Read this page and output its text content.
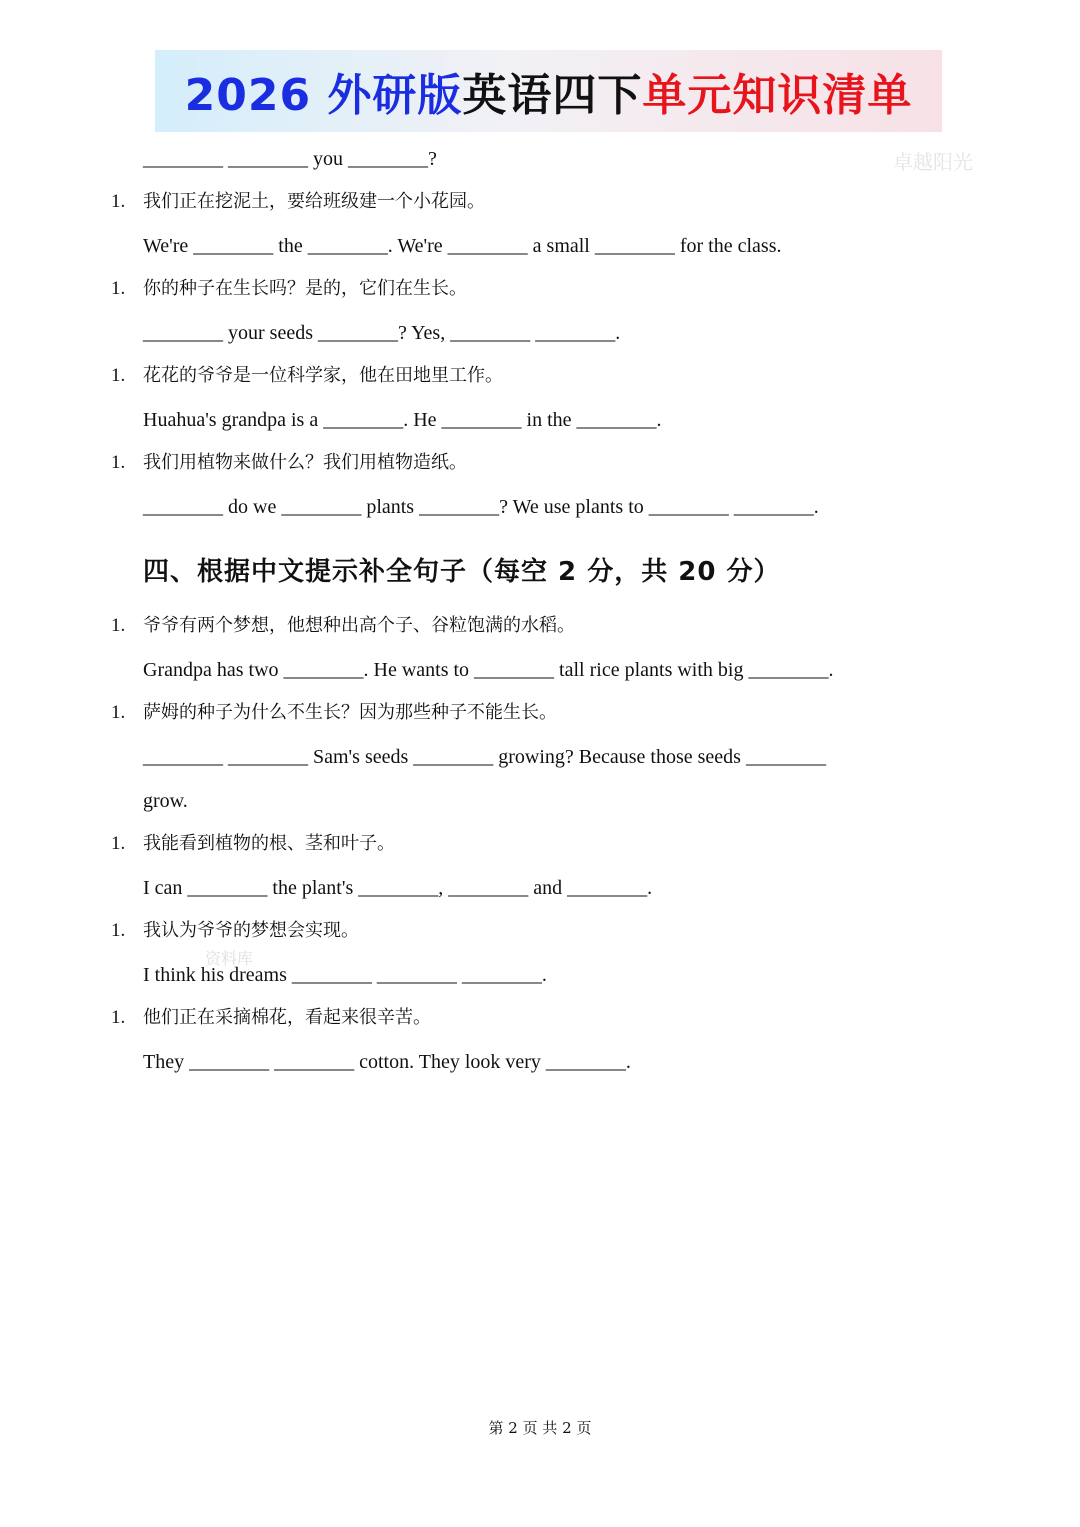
2026 外研版 英语四下 单元知识清单
卓越阳光
________ ________ you ________?
1. 我们正在挖泥土，要给班级建一个小花园。
We're ________ the ________. We're ________ a small ________ for the class.
1. 你的种子在生长吗？是的，它们在生长。
________ your seeds ________? Yes, ________ ________.
1. 花花的爷爷是一位科学家，他在田地里工作。
Huahua's grandpa is a ________. He ________ in the ________.
1. 我们用植物来做什么？我们用植物造纸。
________ do we ________ plants ________? We use plants to ________ ________.
四、根据中文提示补全句子（每空 2 分，共 20 分）
1. 爷爷有两个梦想，他想种出高个子、谷粒饱满的水稻。
Grandpa has two ________. He wants to ________ tall rice plants with big ________.
1. 萨姆的种子为什么不生长？因为那些种子不能生长。
________ ________ Sam's seeds ________ growing? Because those seeds ________
grow.
1. 我能看到植物的根、茎和叶子。
I can ________ the plant's ________, ________ and ________.
1. 我认为爷爷的梦想会实现。
I think his dreams ________ ________ ________.
资料库
1. 他们正在采摘棉花，看起来很辛苦。
They ________ ________ cotton. They look very ________.
第 2 页 共 2 页
